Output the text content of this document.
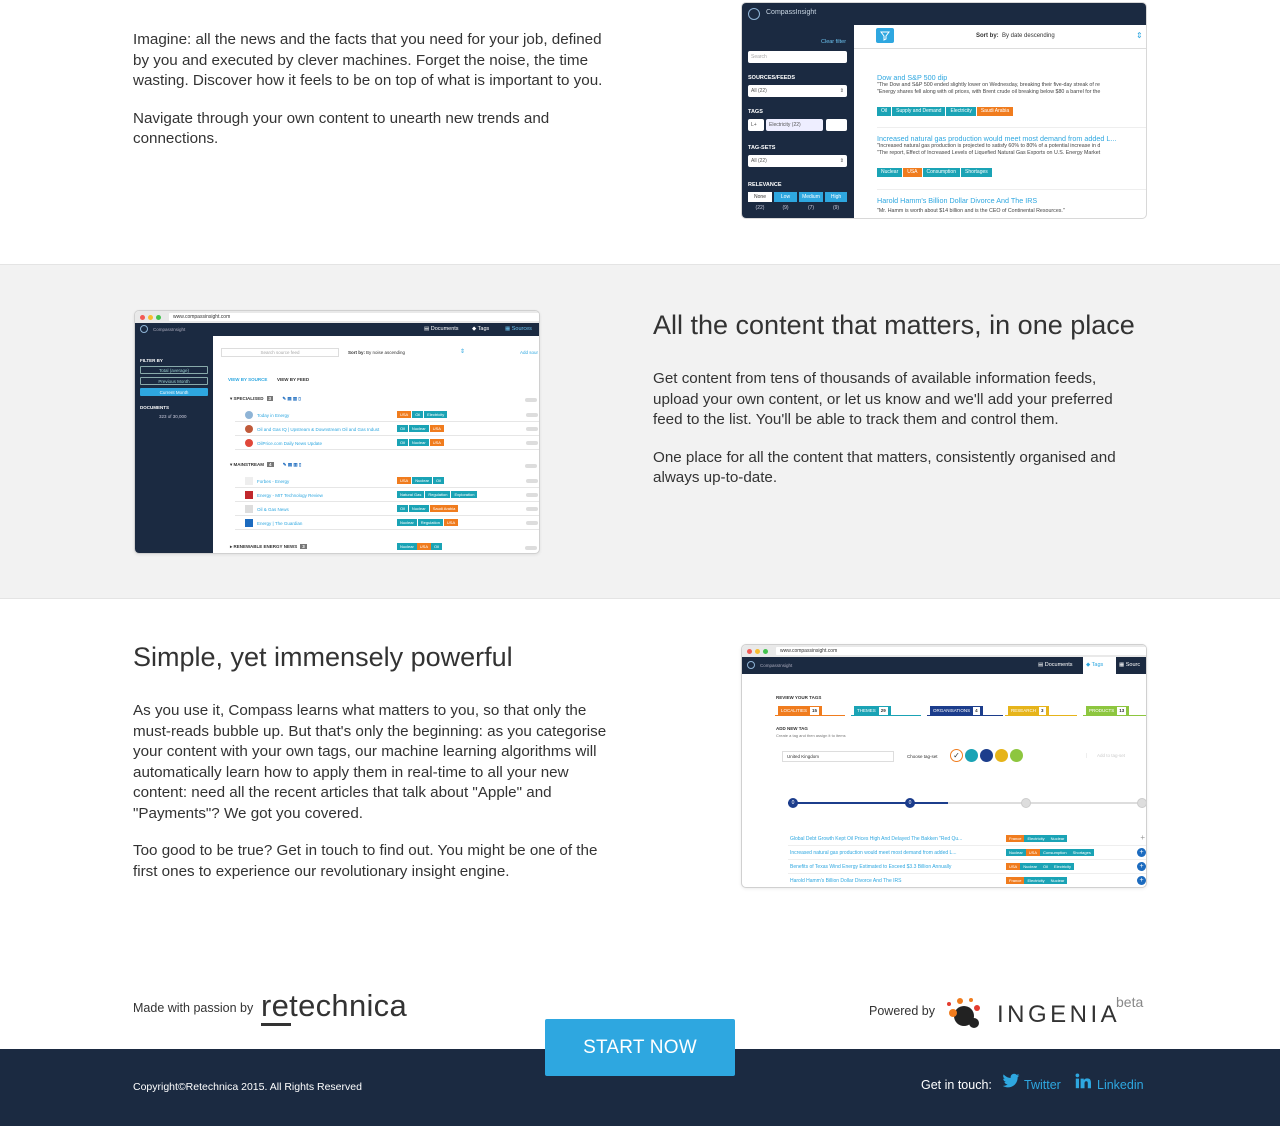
Imagine: all the news and the facts that you need for your job, defined by you and executed by clever machines. Forget the noise, the time wasting. Discover how it feels to be on top of what is important to you.

Navigate through your own content to unearth new trends and connections.

CompassInsight
Clear filter
Search
SOURCES/FEEDS
All (22)	⇕
TAGS
L+	Electricity (22)
TAG-SETS
All (22)	⇕
RELEVANCE
None	Low	Medium	High
(22)	(9)	(7)	(9)
Sort by: By date descending	⇕
Dow and S&P 500 dip
"The Dow and S&P 500 ended slightly lower on Wednesday, breaking their five-day streak of re
"Energy shares fell along with oil prices, with Brent crude oil breaking below $80 a barrel for the
Oil Supply and Demand Electricity Saudi Arabia
Increased natural gas production would meet most demand from added L...
"Increased natural gas production is projected to satisfy 60% to 80% of a potential increase in d
"The report, Effect of Increased Levels of Liquefied Natural Gas Exports on U.S. Energy Market
Nuclear USA Consumption Shortages
Harold Hamm's Billion Dollar Divorce And The IRS
"Mr. Hamm is worth about $14 billion and is the CEO of Continental Resources."
www.compassinsight.com
CompassInsight	▤ Documents ◆ Tags	▦ Sources
FILTER BY
Total (average)
Previous Month
Current Month
DOCUMENTS
323 of 30,000
Search source feed	Sort by: By noise ascending	⇕	Add sour
VIEW BY SOURCE VIEW BY FEED
▾ SPECIALISED 3	✎ ▤ ▥ ▯
Today in Energy	USA Oil Electricity
Oil and Gas IQ | Upstream & Downstream Oil and Gas Indust	Oil Nuclear USA
OilPrice.com Daily News Update	Oil Nuclear USA
▾ MAINSTREAM 4	✎ ▤ ▥ ▯
Forbes - Energy	USA Nuclear Oil
Energy - MIT Technology Review	Natural Gas Regulation Exploration
Oil & Gas News	Oil Nuclear Saudi Arabia
Energy | The Guardian	Nuclear Regulation USA
▸ RENEWABLE ENERGY NEWS 3	Nuclear USA Oil
All the content that matters, in one place

Get content from tens of thousands of available information feeds, upload your own content, or let us know and we'll add your preferred feed to the list. You'll be able to track them and control them.

One place for all the content that matters, consistently organised and always up-to-date.

Simple, yet immensely powerful

As you use it, Compass learns what matters to you, so that only the must-reads bubble up. But that's only the beginning: as you categorise your content with your own tags, our machine learning algorithms will automatically learn how to apply them in real-time to all your new content: need all the recent articles that talk about "Apple" and "Payments"? We got you covered.

Too good to be true? Get in touch to find out. You might be one of the first ones to experience our revolutionary insight engine.

www.compassinsight.com
CompassInsight	▤ Documents	◆ Tags	▦ Sourc
REVIEW YOUR TAGS
LOCALITIES 15	THEMES 29	ORGANISATIONS 4	RESEARCH 3	PRODUCTS 13
ADD NEW TAG
Create a tag and then assign it to items
United Kingdom	Choose tag-set	✓	Add to tag-set
0	0
Global Debt Growth Kept Oil Prices High And Delayed The Bakken "Red Qu...	France Electricity Nuclear	+
Increased natural gas production would meet most demand from added L...	Nuclear USA Consumption Shortages	+
Benefits of Texas Wind Energy Estimated to Exceed $3.3 Billion Annually	USA Nuclear Oil Electricity	+
Harold Hamm's Billion Dollar Divorce And The IRS	France Electricity Nuclear	+
Made with passion by retechnica	Powered by	INGENIA
beta
Copyright©Retechnica 2015. All Rights Reserved	Get in touch:	Twitter	Linkedin
START NOW
